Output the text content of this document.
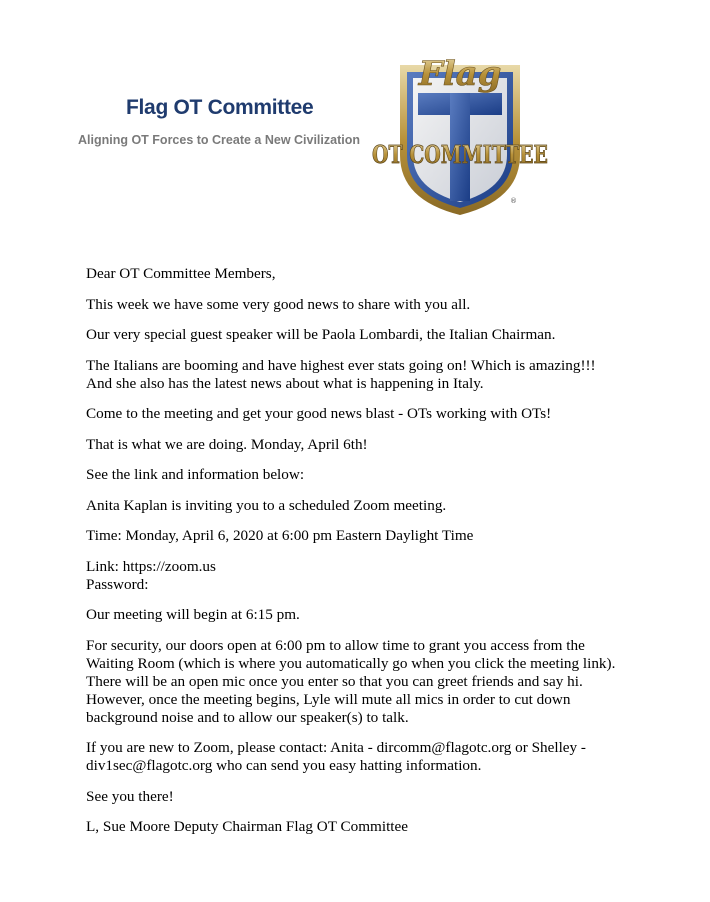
Flag OT Committee
Aligning OT Forces to Create a New Civilization
Flag
OT COMMITTEE
®

Dear OT Committee Members,

This week we have some very good news to share with you all.

Our very special guest speaker will be Paola Lombardi, the Italian Chairman.

The Italians are booming and have highest ever stats going on! Which is amazing!!!
And she also has the latest news about what is happening in Italy.

Come to the meeting and get your good news blast - OTs working with OTs!

That is what we are doing. Monday, April 6th!

See the link and information below:

Anita Kaplan is inviting you to a scheduled Zoom meeting.

Time: Monday, April 6, 2020 at 6:00 pm Eastern Daylight Time

Link: https://zoom.us
Password:

Our meeting will begin at 6:15 pm.

For security, our doors open at 6:00 pm to allow time to grant you access from the
Waiting Room (which is where you automatically go when you click the meeting link).
There will be an open mic once you enter so that you can greet friends and say hi.
However, once the meeting begins, Lyle will mute all mics in order to cut down
background noise and to allow our speaker(s) to talk.

If you are new to Zoom, please contact: Anita - dircomm@flagotc.org or Shelley -
div1sec@flagotc.org who can send you easy hatting information.

See you there!

L, Sue Moore Deputy Chairman Flag OT Committee
